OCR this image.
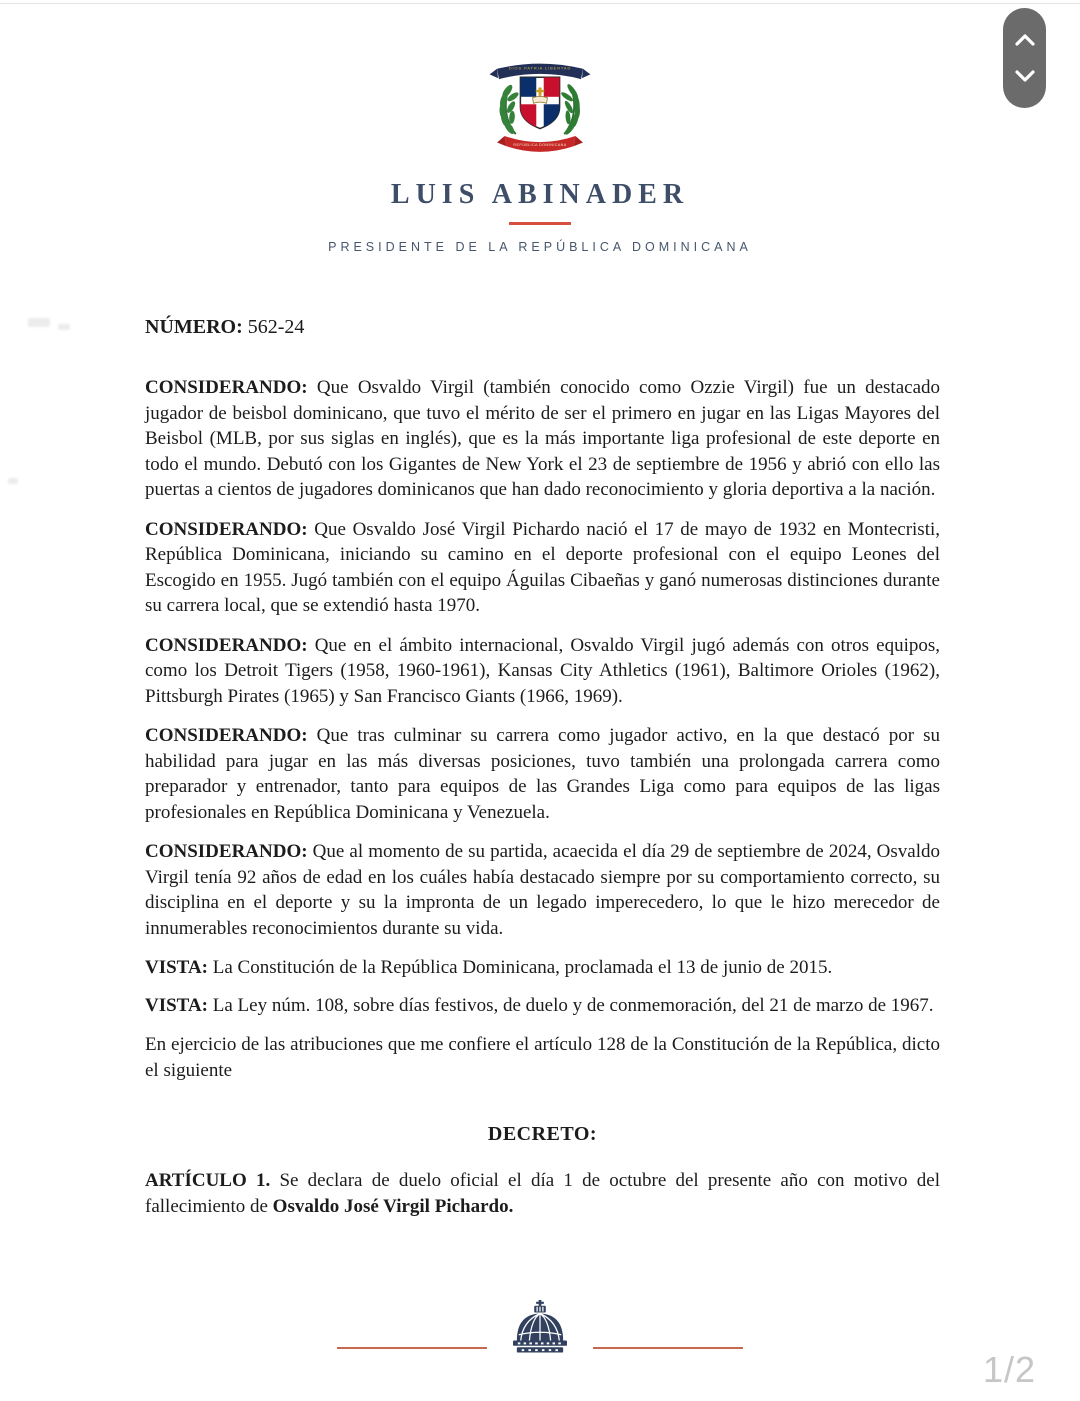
DIOS PATRIA LIBERTAD
REPÚBLICA DOMINICANA
LUIS ABINADER
PRESIDENTE DE LA REPÚBLICA DOMINICANA
NÚMERO: 562-24

CONSIDERANDO: Que Osvaldo Virgil (también conocido como Ozzie Virgil) fue un destacado jugador de beisbol dominicano, que tuvo el mérito de ser el primero en jugar en las Ligas Mayores del Beisbol (MLB, por sus siglas en inglés), que es la más importante liga profesional de este deporte en todo el mundo. Debutó con los Gigantes de New York el 23 de septiembre de 1956 y abrió con ello las puertas a cientos de jugadores dominicanos que han dado reconocimiento y gloria deportiva a la nación.

CONSIDERANDO: Que Osvaldo José Virgil Pichardo nació el 17 de mayo de 1932 en Montecristi, República Dominicana, iniciando su camino en el deporte profesional con el equipo Leones del Escogido en 1955. Jugó también con el equipo Águilas Cibaeñas y ganó numerosas distinciones durante su carrera local, que se extendió hasta 1970.

CONSIDERANDO: Que en el ámbito internacional, Osvaldo Virgil jugó además con otros equipos, como los Detroit Tigers (1958, 1960-1961), Kansas City Athletics (1961), Baltimore Orioles (1962), Pittsburgh Pirates (1965) y San Francisco Giants (1966, 1969).

CONSIDERANDO: Que tras culminar su carrera como jugador activo, en la que destacó por su habilidad para jugar en las más diversas posiciones, tuvo también una prolongada carrera como preparador y entrenador, tanto para equipos de las Grandes Liga como para equipos de las ligas profesionales en República Dominicana y Venezuela.

CONSIDERANDO: Que al momento de su partida, acaecida el día 29 de septiembre de 2024, Osvaldo Virgil tenía 92 años de edad en los cuáles había destacado siempre por su comportamiento correcto, su disciplina en el deporte y su la impronta de un legado imperecedero, lo que le hizo merecedor de innumerables reconocimientos durante su vida.

VISTA: La Constitución de la República Dominicana, proclamada el 13 de junio de 2015.

VISTA: La Ley núm. 108, sobre días festivos, de duelo y de conmemoración, del 21 de marzo de 1967.

En ejercicio de las atribuciones que me confiere el artículo 128 de la Constitución de la República, dicto el siguiente

DECRETO:

ARTÍCULO 1. Se declara de duelo oficial el día 1 de octubre del presente año con motivo del fallecimiento de Osvaldo José Virgil Pichardo.

1/2
